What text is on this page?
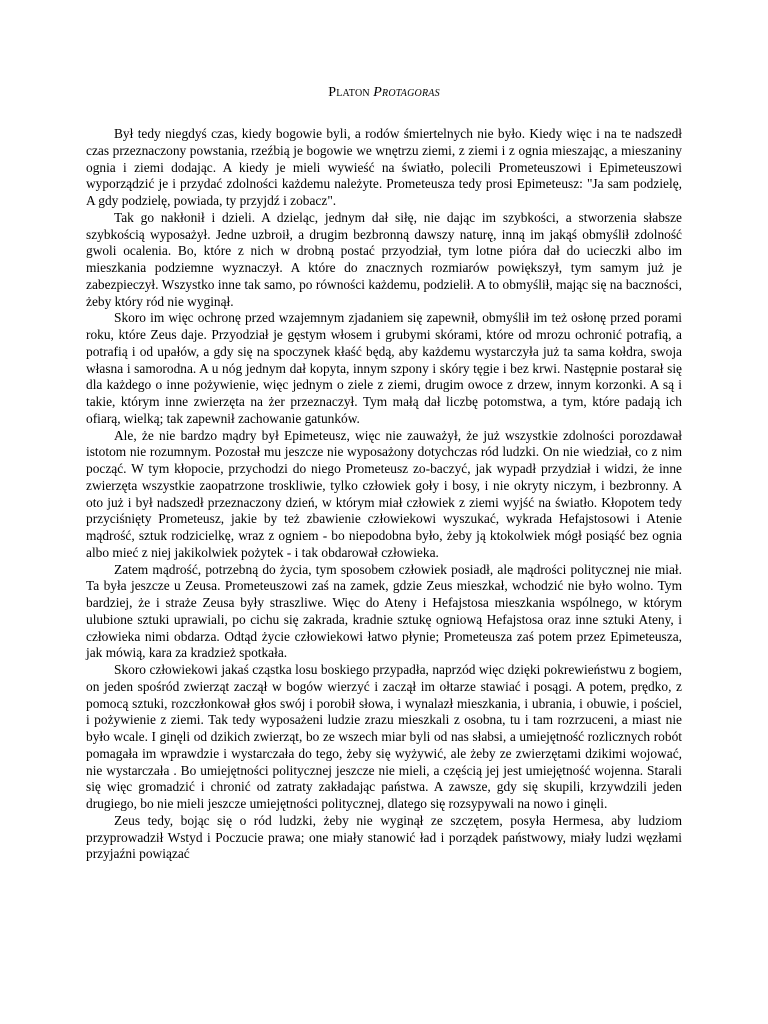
Platon Protagoras

Był tedy niegdyś czas, kiedy bogowie byli, a rodów śmiertelnych nie było. Kiedy więc i na te nadszedł czas przeznaczony powstania, rzeźbią je bogowie we wnętrzu ziemi, z ziemi i z ognia mieszając, a mieszaniny ognia i ziemi dodając. A kiedy je mieli wywieść na światło, polecili Prometeuszowi i Epimeteuszowi wyporządzić je i przydać zdolności każdemu należyte. Prometeusza tedy prosi Epimeteusz: "Ja sam podzielę, A gdy podzielę, powiada, ty przyjdź i zobacz".

Tak go nakłonił i dzieli. A dzieląc, jednym dał siłę, nie dając im szybkości, a stworzenia słabsze szybkością wyposażył. Jedne uzbroił, a drugim bezbronną dawszy naturę, inną im jakąś obmyślił zdolność gwoli ocalenia. Bo, które z nich w drobną postać przyodział, tym lotne pióra dał do ucieczki albo im mieszkania podziemne wyznaczył. A które do znacznych rozmiarów powiększył, tym samym już je zabezpieczył. Wszystko inne tak samo, po równości każdemu, podzielił. A to obmyślił, mając się na baczności, żeby który ród nie wyginął.

Skoro im więc ochronę przed wzajemnym zjadaniem się zapewnił, obmyślił im też osłonę przed porami roku, które Zeus daje. Przyodział je gęstym włosem i grubymi skórami, które od mrozu ochronić potrafią, a potrafią i od upałów, a gdy się na spoczynek kłaść będą, aby każdemu wystarczyła już ta sama kołdra, swoja własna i samorodna. A u nóg jednym dał kopyta, innym szpony i skóry tęgie i bez krwi. Następnie postarał się dla każdego o inne pożywienie, więc jednym o ziele z ziemi, drugim owoce z drzew, innym korzonki. A są i takie, którym inne zwierzęta na żer przeznaczył. Tym małą dał liczbę potomstwa, a tym, które padają ich ofiarą, wielką; tak zapewnił zachowanie gatunków.

Ale, że nie bardzo mądry był Epimeteusz, więc nie zauważył, że już wszystkie zdolności porozdawał istotom nie rozumnym. Pozostał mu jeszcze nie wyposażony dotychczas ród ludzki. On nie wiedział, co z nim począć. W tym kłopocie, przychodzi do niego Prometeusz zo-baczyć, jak wypadł przydział i widzi, że inne zwierzęta wszystkie zaopatrzone troskliwie, tylko człowiek goły i bosy, i nie okryty niczym, i bezbronny. A oto już i był nadszedł przeznaczony dzień, w którym miał człowiek z ziemi wyjść na światło. Kłopotem tedy przyciśnięty Prometeusz, jakie by też zbawienie człowiekowi wyszukać, wykrada Hefajstosowi i Atenie mądrość, sztuk rodzicielkę, wraz z ogniem - bo niepodobna było, żeby ją ktokolwiek mógł posiąść bez ognia albo mieć z niej jakikolwiek pożytek - i tak obdarował człowieka.

Zatem mądrość, potrzebną do życia, tym sposobem człowiek posiadł, ale mądrości politycznej nie miał. Ta była jeszcze u Zeusa. Prometeuszowi zaś na zamek, gdzie Zeus mieszkał, wchodzić nie było wolno. Tym bardziej, że i straże Zeusa były straszliwe. Więc do Ateny i Hefajstosa mieszkania wspólnego, w którym ulubione sztuki uprawiali, po cichu się zakrada, kradnie sztukę ogniową Hefajstosa oraz inne sztuki Ateny, i człowieka nimi obdarza. Odtąd życie człowiekowi łatwo płynie; Prometeusza zaś potem przez Epimeteusza, jak mówią, kara za kradzież spotkała.

Skoro człowiekowi jakaś cząstka losu boskiego przypadła, naprzód więc dzięki pokrewieństwu z bogiem, on jeden spośród zwierząt zaczął w bogów wierzyć i zaczął im ołtarze stawiać i posągi. A potem, prędko, z pomocą sztuki, rozczłonkował głos swój i porobił słowa, i wynalazł mieszkania, i ubrania, i obuwie, i pościel, i pożywienie z ziemi. Tak tedy wyposażeni ludzie zrazu mieszkali z osobna, tu i tam rozrzuceni, a miast nie było wcale. I ginęli od dzikich zwierząt, bo ze wszech miar byli od nas słabsi, a umiejętność rozlicznych robót pomagała im wprawdzie i wystarczała do tego, żeby się wyżywić, ale żeby ze zwierzętami dzikimi wojować, nie wystarczała . Bo umiejętności politycznej jeszcze nie mieli, a częścią jej jest umiejętność wojenna. Starali się więc gromadzić i chronić od zatraty zakładając państwa. A zawsze, gdy się skupili, krzywdzili jeden drugiego, bo nie mieli jeszcze umiejętności politycznej, dlatego się rozsypywali na nowo i ginęli.

Zeus tedy, bojąc się o ród ludzki, żeby nie wyginął ze szczętem, posyła Hermesa, aby ludziom przyprowadził Wstyd i Poczucie prawa; one miały stanowić ład i porządek państwowy, miały ludzi węzłami przyjaźni powiązać
